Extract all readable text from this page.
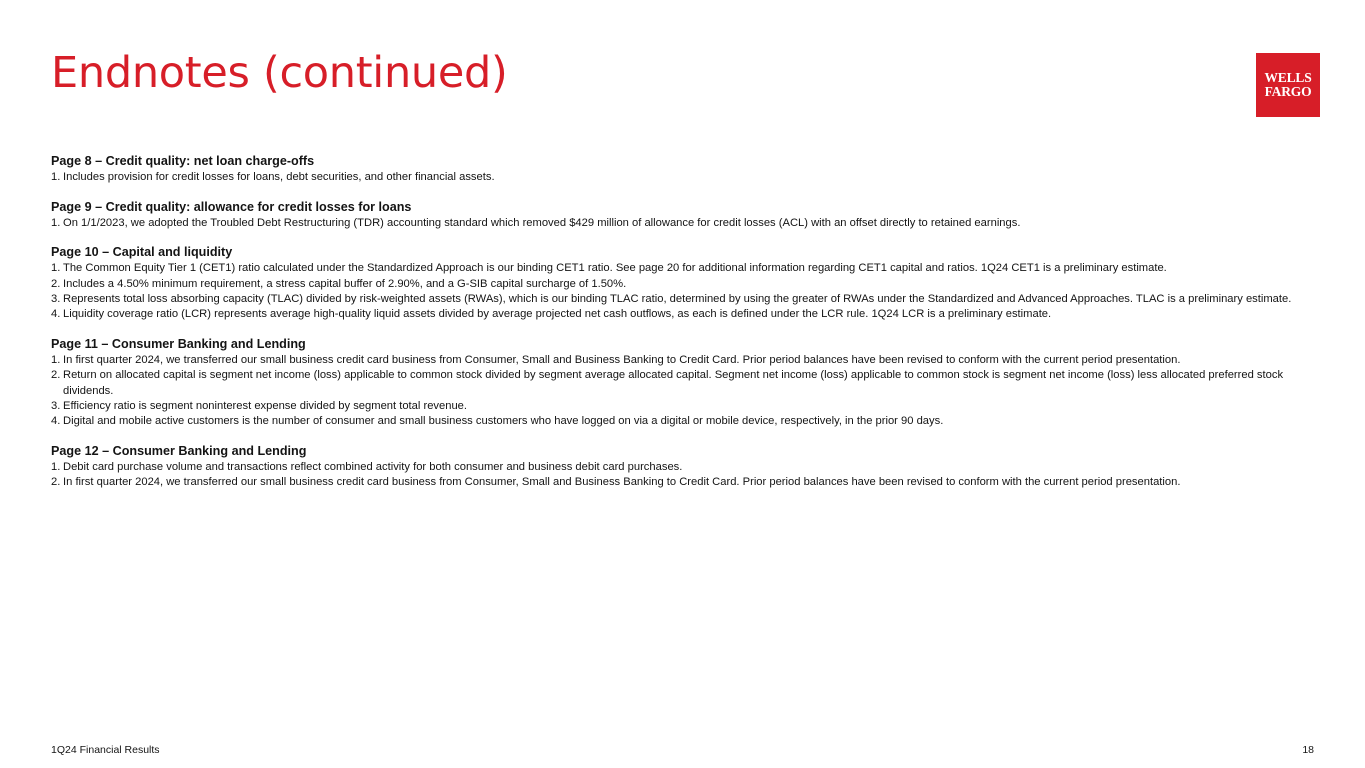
Endnotes (continued)	WELLS
FARGO

Page 8 – Credit quality: net loan charge-offs

1. Includes provision for credit losses for loans, debt securities, and other financial assets.

Page 9 – Credit quality: allowance for credit losses for loans

1. On 1/1/2023, we adopted the Troubled Debt Restructuring (TDR) accounting standard which removed $429 million of allowance for credit losses (ACL) with an offset directly to retained earnings.

Page 10 – Capital and liquidity

1. The Common Equity Tier 1 (CET1) ratio calculated under the Standardized Approach is our binding CET1 ratio. See page 20 for additional information regarding CET1 capital and ratios. 1Q24 CET1 is a preliminary estimate.
2. Includes a 4.50% minimum requirement, a stress capital buffer of 2.90%, and a G-SIB capital surcharge of 1.50%.
3. Represents total loss absorbing capacity (TLAC) divided by risk-weighted assets (RWAs), which is our binding TLAC ratio, determined by using the greater of RWAs under the Standardized and Advanced Approaches. TLAC is a preliminary estimate.
4. Liquidity coverage ratio (LCR) represents average high-quality liquid assets divided by average projected net cash outflows, as each is defined under the LCR rule. 1Q24 LCR is a preliminary estimate.

Page 11 – Consumer Banking and Lending

1. In first quarter 2024, we transferred our small business credit card business from Consumer, Small and Business Banking to Credit Card. Prior period balances have been revised to conform with the current period presentation.
2. Return on allocated capital is segment net income (loss) applicable to common stock divided by segment average allocated capital. Segment net income (loss) applicable to common stock is segment net income (loss) less allocated preferred stock dividends.
3. Efficiency ratio is segment noninterest expense divided by segment total revenue.
4. Digital and mobile active customers is the number of consumer and small business customers who have logged on via a digital or mobile device, respectively, in the prior 90 days.

Page 12 – Consumer Banking and Lending

1. Debit card purchase volume and transactions reflect combined activity for both consumer and business debit card purchases.
2. In first quarter 2024, we transferred our small business credit card business from Consumer, Small and Business Banking to Credit Card. Prior period balances have been revised to conform with the current period presentation.
1Q24 Financial Results	18
